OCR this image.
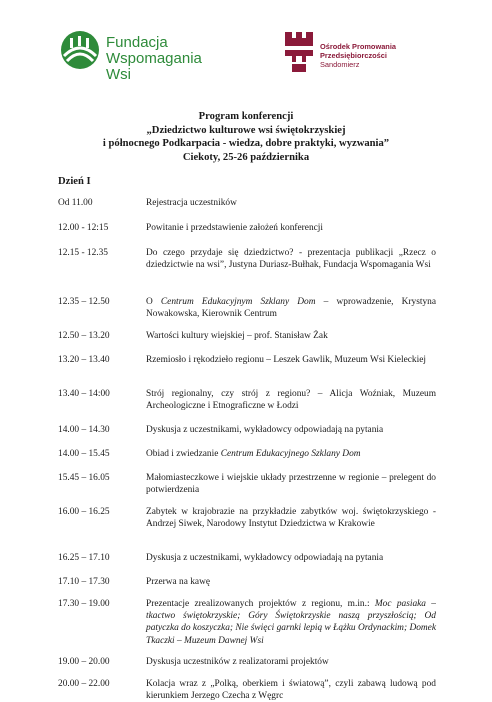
Fundacja
Wspomagania Wsi
Ośrodek Promowania
Przedsiębiorczości
Sandomierz
Program konferencji
„Dziedzictwo kulturowe wsi świętokrzyskiej
i północnego Podkarpacia - wiedza, dobre praktyki, wyzwania”
Ciekoty, 25-26 października
Dzień I
Od 11.00	Rejestracja uczestników
12.00 - 12:15	Powitanie i przedstawienie założeń konferencji
12.15 - 12.35	Do czego przydaje się dziedzictwo? - prezentacja publikacji „Rzecz o dziedzictwie na wsi”, Justyna Duriasz-Bułhak, Fundacja Wspomagania Wsi
12.35 – 12.50	O Centrum Edukacyjnym Szklany Dom – wprowadzenie, Krystyna Nowakowska, Kierownik Centrum
12.50 – 13.20	Wartości kultury wiejskiej – prof. Stanisław Żak
13.20 – 13.40	Rzemiosło i rękodzieło regionu – Leszek Gawlik, Muzeum Wsi Kieleckiej
13.40 – 14:00	Strój regionalny, czy strój z regionu? – Alicja Woźniak, Muzeum Archeologiczne i Etnograficzne w Łodzi
14.00 – 14.30	Dyskusja z uczestnikami, wykładowcy odpowiadają na pytania
14.00 – 15.45	Obiad i zwiedzanie Centrum Edukacyjnego Szklany Dom
15.45 – 16.05	Małomiasteczkowe i wiejskie układy przestrzenne w regionie – prelegent do potwierdzenia
16.00 – 16.25	Zabytek w krajobrazie na przykładzie zabytków woj. świętokrzyskiego - Andrzej Siwek, Narodowy Instytut Dziedzictwa w Krakowie
16.25 – 17.10	Dyskusja z uczestnikami, wykładowcy odpowiadają na pytania
17.10 – 17.30	Przerwa na kawę
17.30 – 19.00	Prezentacje zrealizowanych projektów z regionu, m.in.: Moc pasiaka – tkactwo świętokrzyskie; Góry Świętokrzyskie naszą przyszłością; Od patyczka do koszyczka; Nie święci garnki lepią w Łążku Ordynackim; Domek Tkaczki – Muzeum Dawnej Wsi
19.00 – 20.00	Dyskusja uczestników z realizatorami projektów
20.00 – 22.00	Kolacja wraz z „Polką, oberkiem i światową”, czyli zabawą ludową pod kierunkiem Jerzego Czecha z Węgrc
